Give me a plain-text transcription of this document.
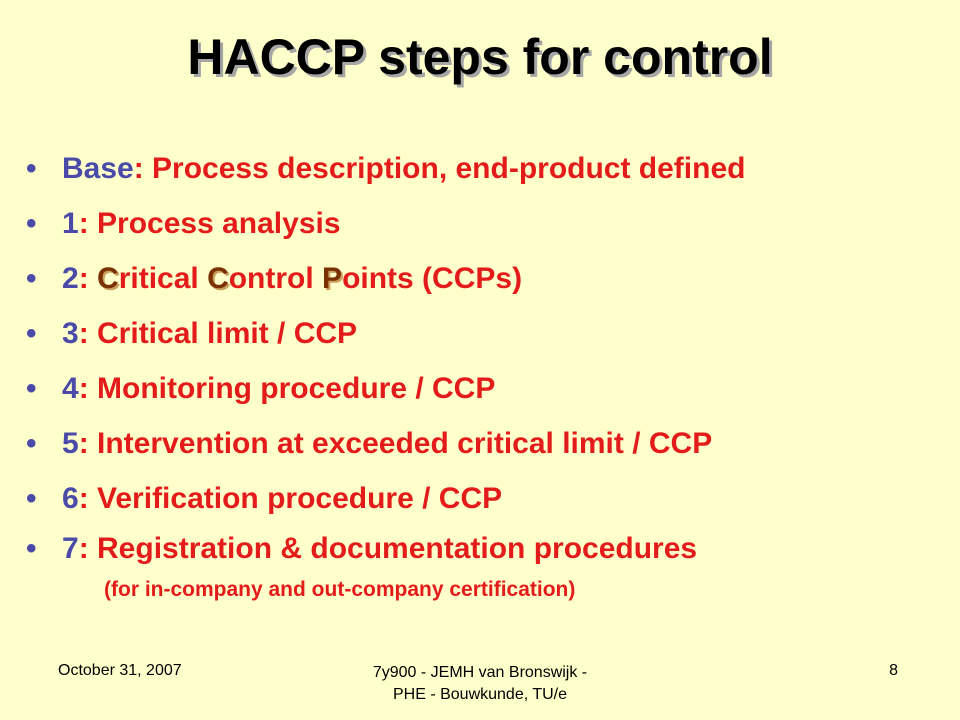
HACCP steps for control
• Base: Process description, end-product defined
• 1: Process analysis
• 2: Critical Control Points (CCPs)
• 3: Critical limit / CCP
• 4: Monitoring procedure / CCP
• 5: Intervention at exceeded critical limit / CCP
• 6: Verification procedure / CCP
• 7: Registration & documentation procedures
(for in-company and out-company certification)
October 31, 2007	7y900 - JEMH van Bronswijk -
PHE - Bouwkunde, TU/e
8
